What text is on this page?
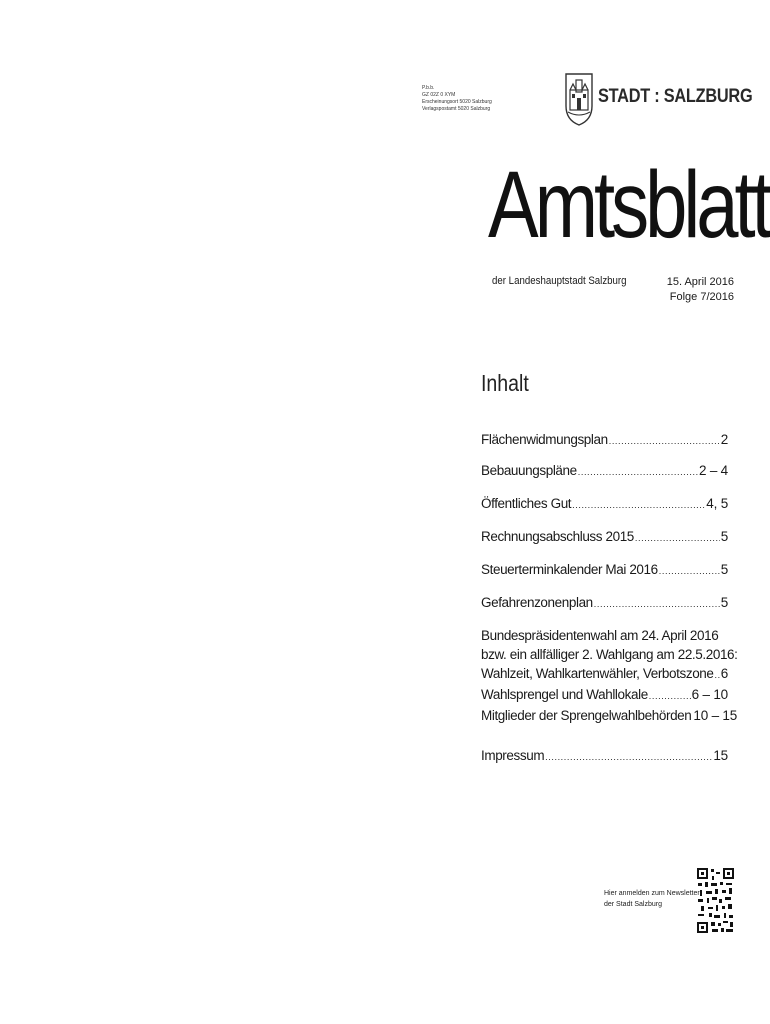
P.b.b.
GZ 02Z 0 XYM
Erscheinungsort 5020 Salzburg
Verlagspostamt 5020 Salzburg
STADT : SALZBURG
Amtsblatt
der Landeshauptstadt Salzburg	15. April 2016
Folge 7/2016
Inhalt
Flächenwidmungsplan .....	2
Bebauungspläne .....	2 – 4
Öffentliches Gut .....	4, 5
Rechnungsabschluss 2015 .....	5
Steuerterminkalender Mai 2016 .....	5
Gefahrenzonenplan .....	5
Bundespräsidentenwahl am 24. April 2016
bzw. ein allfälliger 2. Wahlgang am 22.5.2016:
Wahlzeit, Wahlkartenwähler, Verbotszone ..... 6
Wahlsprengel und Wahllokale .....	6 – 10
Mitglieder der Sprengelwahlbehörden 10 – 15
Impressum .....	15
Hier anmelden zum Newsletter
der Stadt Salzburg
